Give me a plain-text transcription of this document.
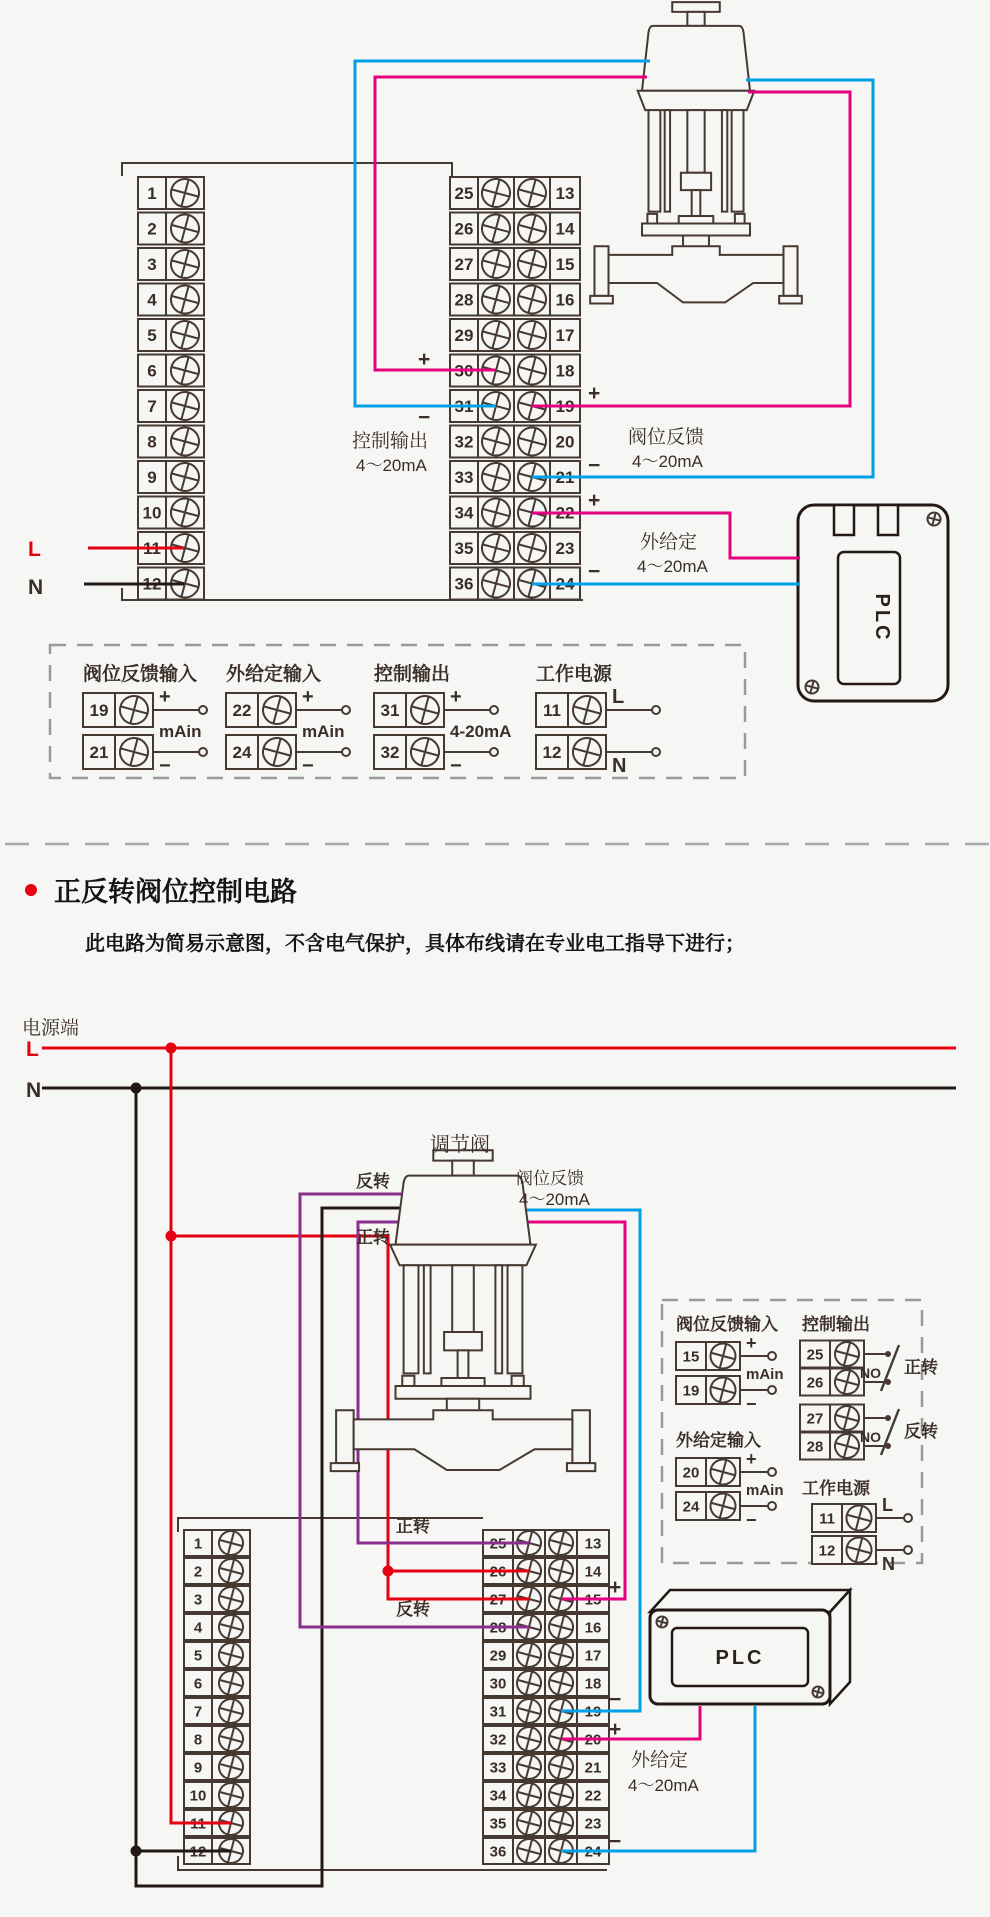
1
2
3
4
5
6
7
8
9
10
11
12
25	13
26	14
27	15
28	16
29	17
30	18
31	19
32	20
33	21
34	22
35	23
36	24
PLC
控制输出
4～20mA
+
−
阀位反馈
4～20mA
+
−
外给定
4～20mA
+
−
L
N
阀位反馈输入
19
21
+
−
mAin
外给定输入
22
24
+
−
mAin
控制输出
31
32
+
−
4-20mA
工作电源
11
12
L
N
正反转阀位控制电路
此电路为简易示意图，不含电气保护，具体布线请在专业电工指导下进行；
电源端
L
N
1
2
3
4
5
6
7
8
9
10
11
12
25	13
26	14
27	15
28	16
29	17
30	18
31	19
32	20
33	21
34	22
35	23
36	24
调节阀
反转
正转
阀位反馈
4～20mA
正转
反转
+
−
+
−
外给定
4～20mA
PLC
阀位反馈输入
15
19
+
−
mAin
外给定输入
20
24
+
−
mAin
控制输出
25
26
NO 正转
27
28
NO 反转
工作电源
11
12
L
N
